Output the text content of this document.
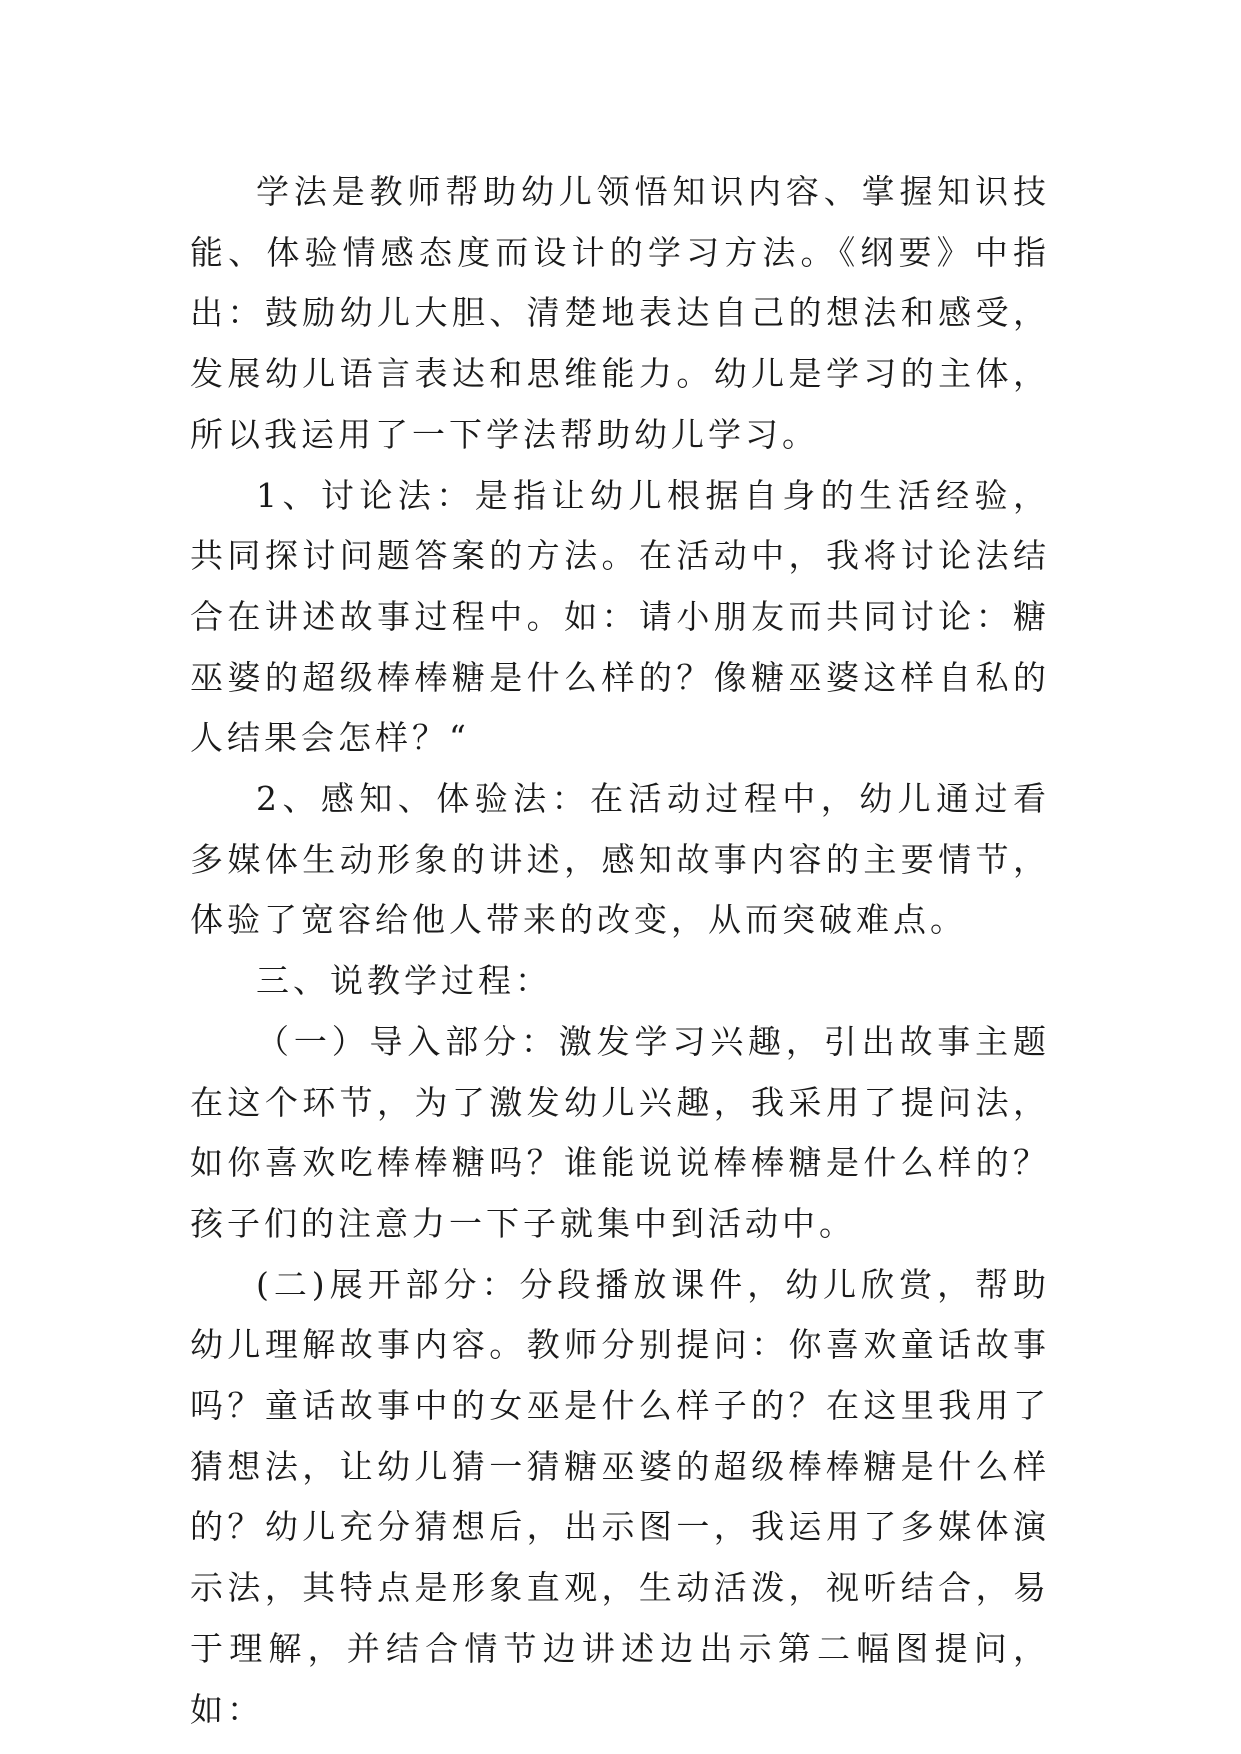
学法是教师帮助幼儿领悟知识内容、掌握知识技能、体验情感态度而设计的学习方法。《纲要》中指出：鼓励幼儿大胆、清楚地表达自己的想法和感受，发展幼儿语言表达和思维能力。幼儿是学习的主体，所以我运用了一下学法帮助幼儿学习。

1、讨论法：是指让幼儿根据自身的生活经验，共同探讨问题答案的方法。在活动中，我将讨论法结合在讲述故事过程中。如：请小朋友而共同讨论：糖巫婆的超级棒棒糖是什么样的？像糖巫婆这样自私的人结果会怎样？“

2、感知、体验法：在活动过程中，幼儿通过看多媒体生动形象的讲述，感知故事内容的主要情节，体验了宽容给他人带来的改变，从而突破难点。

三、说教学过程：

（一）导入部分：激发学习兴趣，引出故事主题在这个环节，为了激发幼儿兴趣，我采用了提问法，如你喜欢吃棒棒糖吗？谁能说说棒棒糖是什么样的？孩子们的注意力一下子就集中到活动中。

(二)展开部分：分段播放课件，幼儿欣赏，帮助幼儿理解故事内容。教师分别提问：你喜欢童话故事吗？童话故事中的女巫是什么样子的？在这里我用了猜想法，让幼儿猜一猜糖巫婆的超级棒棒糖是什么样的？幼儿充分猜想后，出示图一，我运用了多媒体演示法，其特点是形象直观，生动活泼，视听结合，易于理解，并结合情节边讲述边出示第二幅图提问，如：
